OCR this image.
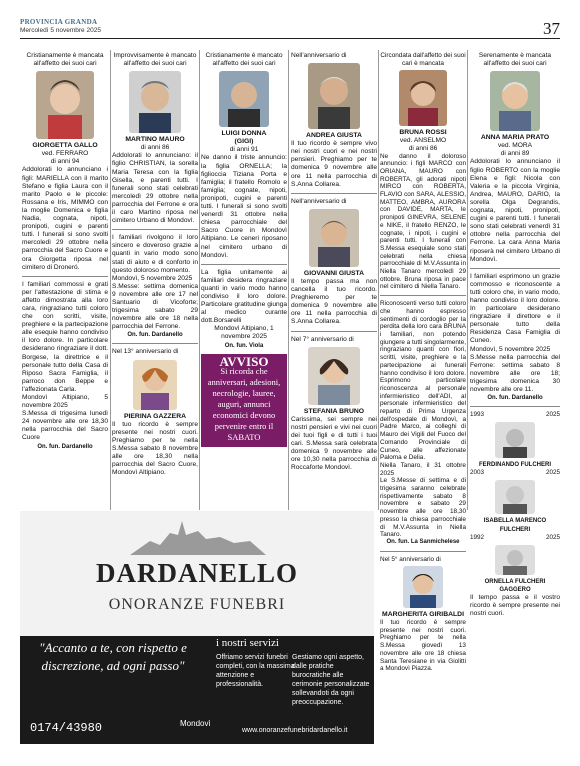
PROVINCIA GRANDA
Mercoledì 5 novembre 2025	37

Cristianamente è mancata all'affetto dei suoi cari

GIORGETTA GALLO
ved. FERRARO
di anni 94

Addolorati lo annunciano i figli: MARIELLA con il marito Stefano e figlia Laura con il marito Paolo e le piccole: Rossana e Iris, MIMMO con la moglie Domenica e figlia Nadia, cognata, nipoti, pronipoti, cugini e parenti tutti. I funerali si sono svolti mercoledì 29 ottobre nella parrocchia del Sacro Cuore e ora Giorgetta riposa nel cimitero di Droneró.

I familiari commossi e grati per l'attestazione di stima e affetto dimostrata alla loro cara, ringraziano tutti coloro che con scritti, visite, preghiere e la partecipazione alle esequie hanno condiviso il loro dolore. In particolare desiderano ringraziare il dott. Borgese, la direttrice e il personale tutto della Casa di Riposo Sacra Famiglia, il parroco don Beppe e l'affezionata Carla.

Mondovì Altipiano, 5 novembre 2025

S.Messa di trigesima lunedì 24 novembre alle ore 18,30 nella parrocchia del Sacro Cuore

On. fun. Dardanello

Improvvisamente è mancato all'affetto dei suoi cari

MARTINO MAURO
di anni 86

Addolorati lo annunciano: il figlio CHRISTIAN, la sorella Maria Teresa con la figlia Gisella, e parenti tutti. I funerali sono stati celebrati mercoledì 29 ottobre nella parrocchia del Ferrone e ora il caro Martino riposa nel cimitero Urbano di Mondovì.

I familiari rivolgono il loro sincero e doveroso grazie a quanti in vario modo sono stati di aiuto e di conforto in questo doloroso momento.

Mondovì, 5 novembre 2025

S.Messe: settima domenica 9 novembre alle ore 17 nel Santuario di Vicoforte; trigesima sabato 29 novembre alle ore 18 nella parrocchia del Ferrone.

On. fun. Dardanello

Nel 13° anniversario di

PIERINA GAZZERA

Il tuo ricordo è sempre presente nei nostri cuori. Preghiamo per te nella S.Messa sabato 8 novembre alle ore 18,30 nella parrocchia del Sacro Cuore, Mondovì Altipiano.

Cristianamente è mancato all'affetto dei suoi cari

LUIGI DONNA
(GIGI)
di anni 91

Ne danno il triste annuncio: la figlia ORNELLA; la figlioccia Tiziana Porta e famiglia; il fratello Romolo e famiglia; cognate, nipoti, pronipoti, cugini e parenti tutti. I funerali si sono svolti venerdì 31 ottobre nella chiesa parrocchiale del Sacro Cuore in Mondovì Altipiano. Le ceneri riposano nel cimitero urbano di Mondovì.

La figlia unitamente ai familiari desidera ringraziare quanti in vario modo hanno condiviso il loro dolore. Particolare gratitudine giunga al medico curante dott.Borsarelli

Mondovì Altipiano, 1 novembre 2025

On. fun. Viola
AVVISO
Si ricorda che anniversari, adesioni, necrologie, lauree, auguri, annunci economici devono pervenire entro il SABATO

Nell'anniversario di

ANDREA GIUSTA

Il tuo ricordo è sempre vivo nei nostri cuori e nei nostri pensieri. Preghiamo per te domenica 9 novembre alle ore 11 nella parrocchia di S.Anna Collarea.

Nell'anniversario di

GIOVANNI GIUSTA

Il tempo passa ma non cancella il tuo ricordo. Preghieremo per te domenica 9 novembre alle ore 11 nella parrocchia di S.Anna Collarea.

Nel 7° anniversario di

STEFANIA BRUNO

Carissima, sei sempre nei nostri pensieri e vivi nei cuori dei tuoi figli e di tutti i tuoi cari. S.Messa sarà celebrata domenica 9 novembre alle ore 10,30 nella parrocchia di Roccaforte Mondovì.

Circondata dall'affetto dei suoi cari è mancata

BRUNA ROSSI
ved. ANSELMO
di anni 86

Ne danno il doloroso annuncio: i figli MARCO con ORIANA, MAURO con ROBERTA, gli adorati nipoti MIRCO con ROBERTA, FLAVIO con SARA, ALESSIO, MATTEO, AMBRA, AURORA con DAVIDE, MARTA, le pronipoti GINEVRA, SELENE e NIKE, il fratello RENZO, le cognate, i nipoti, i cugini e parenti tutti. I funerali con S.Messa esequiale sono stati celebrati nella chiesa parrocchiale di M.V.Assunta in Niella Tanaro mercoledì 29 ottobre. Bruna riposa in pace nel cimitero di Niella Tanaro.

Riconoscenti verso tutti coloro che hanno espresso sentimenti di cordoglio per la perdita della loro cara BRUNA i familiari, non potendo giungere a tutti singolarmente, ringraziano quanti con fiori, scritti, visite, preghiere e la partecipazione ai funerali hanno condiviso il loro dolore. Esprimono particolare riconoscenza al personale infermieristico dell'ADI, al personale infermieristico del reparto di Prima Urgenza dell'ospedale di Mondovì, a Padre Marco, ai colleghi di Mauro dei Vigili del Fuoco del Comando Provinciale di Cuneo, alle affezionate Paloma e Delia.

Niella Tanaro, il 31 ottobre 2025

Le S.Messe di settima e di trigesima saranno celebrate rispettivamente sabato 8 novembre e sabato 29 novembre alle ore 18,30 presso la chiesa parrocchiale di M.V.Assunta in Niella Tanaro.

On. fun. La Sanmichelese

Nel 5° anniversario di

MARGHERITA GIRIBALDI

Il tuo ricordo è sempre presente nei nostri cuori. Preghiamo per te nella S.Messa giovedì 13 novembre alle ore 18 chiesa Santa Teresiane in via Giolitti a Mondovì Piazza.

Serenamente è mancata all'affetto dei suoi cari

ANNA MARIA PRATO
ved. MORA
di anni 89

Addolorati lo annunciano il figlio ROBERTO con la moglie Elena e figli: Nicola con Valeria e la piccola Virginia, Andrea, MAURO, DARIO, la sorella Olga Degrandis, cognata, nipoti, pronipoti, cugini e parenti tutti. I funerali sono stati celebrati venerdì 31 ottobre nella parrocchia del Ferrone. La cara Anna Maria riposerà nel cimitero Urbano di Mondovì.

I familiari esprimono un grazie commosso e riconoscente a tutti coloro che, in vario modo, hanno condiviso il loro dolore. In particolare desiderano ringraziare il direttore e il personale tutto della Residenza Casa Famiglia di Cuneo.

Mondovì, 5 novembre 2025

S.Messe nella parrocchia del Ferrone: settima sabato 8 novembre alle ore 18; trigesima domenica 30 novembre alle ore 11.

On. fun. Dardanello
1993	2025
FERDINANDO FULCHERI
2003	2025
ISABELLA MARENCO FULCHERI
1992	2025
ORNELLA FULCHERI GAGGERO

Il tempo passa e il vostro ricordo è sempre presente nei nostri cuori.

DARDANELLO
ONORANZE FUNEBRI
"Accanto a te, con rispetto e discrezione, ad ogni passo"
i nostri servizi
Offriamo servizi funebri completi, con la massima attenzione e professionalità.
Gestiamo ogni aspetto, dalle pratiche burocratiche alle cerimonie personalizzate sollevandoti da ogni preoccupazione.
0174/43980	Mondovì
www.onoranzefunebridardanello.it
